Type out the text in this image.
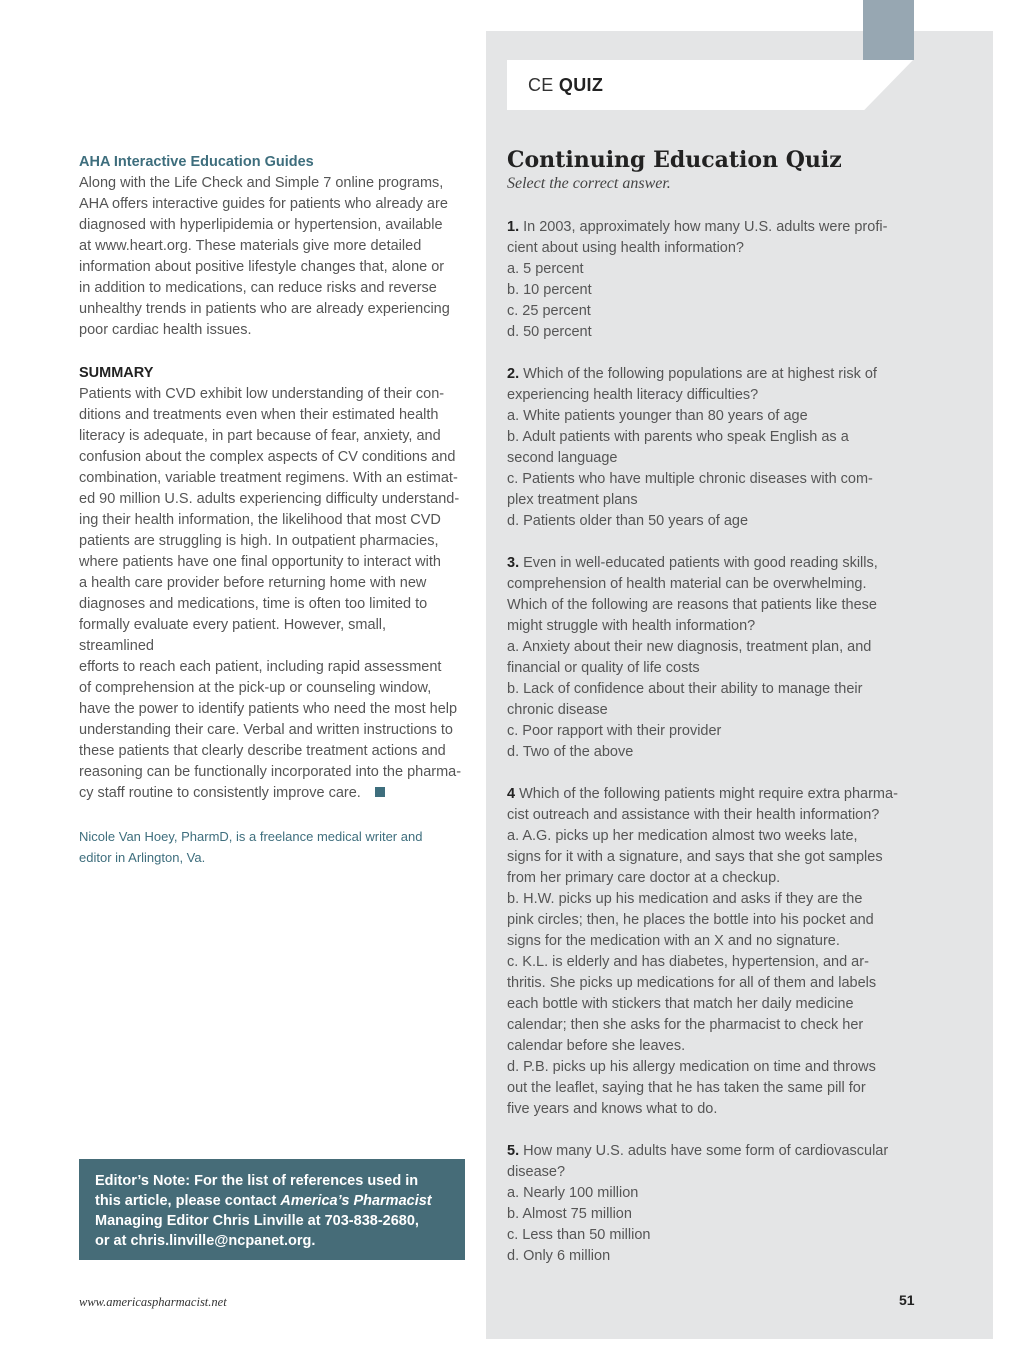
CE QUIZ
AHA Interactive Education Guides
Along with the Life Check and Simple 7 online programs,
AHA offers interactive guides for patients who already are
diagnosed with hyperlipidemia or hypertension, available
at www.heart.org. These materials give more detailed
information about positive lifestyle changes that, alone or
in addition to medications, can reduce risks and reverse
unhealthy trends in patients who are already experiencing
poor cardiac health issues.
SUMMARY
Patients with CVD exhibit low understanding of their con-
ditions and treatments even when their estimated health
literacy is adequate, in part because of fear, anxiety, and
confusion about the complex aspects of CV conditions and
combination, variable treatment regimens. With an estimat-
ed 90 million U.S. adults experiencing difficulty understand-
ing their health information, the likelihood that most CVD
patients are struggling is high. In outpatient pharmacies,
where patients have one final opportunity to interact with
a health care provider before returning home with new
diagnoses and medications, time is often too limited to
formally evaluate every patient. However, small, streamlined
efforts to reach each patient, including rapid assessment
of comprehension at the pick-up or counseling window,
have the power to identify patients who need the most help
understanding their care. Verbal and written instructions to
these patients that clearly describe treatment actions and
reasoning can be functionally incorporated into the pharma-
cy staff routine to consistently improve care.
Nicole Van Hoey, PharmD, is a freelance medical writer and editor in Arlington, Va.
Editor’s Note: For the list of references used in
this article, please contact America’s Pharmacist
Managing Editor Chris Linville at 703-838-2680,
or at chris.linville@ncpanet.org.
Continuing Education Quiz

Select the correct answer.

1. In 2003, approximately how many U.S. adults were profi-
cient about using health information?
a. 5 percent
b. 10 percent
c. 25 percent
d. 50 percent
2. Which of the following populations are at highest risk of
experiencing health literacy difficulties?
a. White patients younger than 80 years of age
b. Adult patients with parents who speak English as a
second language
c. Patients who have multiple chronic diseases with com-
plex treatment plans
d. Patients older than 50 years of age
3. Even in well-educated patients with good reading skills,
comprehension of health material can be overwhelming.
Which of the following are reasons that patients like these
might struggle with health information?
a. Anxiety about their new diagnosis, treatment plan, and
financial or quality of life costs
b. Lack of confidence about their ability to manage their
chronic disease
c. Poor rapport with their provider
d. Two of the above
4 Which of the following patients might require extra pharma-
cist outreach and assistance with their health information?
a. A.G. picks up her medication almost two weeks late,
signs for it with a signature, and says that she got samples
from her primary care doctor at a checkup.
b. H.W. picks up his medication and asks if they are the
pink circles; then, he places the bottle into his pocket and
signs for the medication with an X and no signature.
c. K.L. is elderly and has diabetes, hypertension, and ar-
thritis. She picks up medications for all of them and labels
each bottle with stickers that match her daily medicine
calendar; then she asks for the pharmacist to check her
calendar before she leaves.
d. P.B. picks up his allergy medication on time and throws
out the leaflet, saying that he has taken the same pill for
five years and knows what to do.
5. How many U.S. adults have some form of cardiovascular
disease?
a. Nearly 100 million
b. Almost 75 million
c. Less than 50 million
d. Only 6 million
www.americaspharmacist.net	51
